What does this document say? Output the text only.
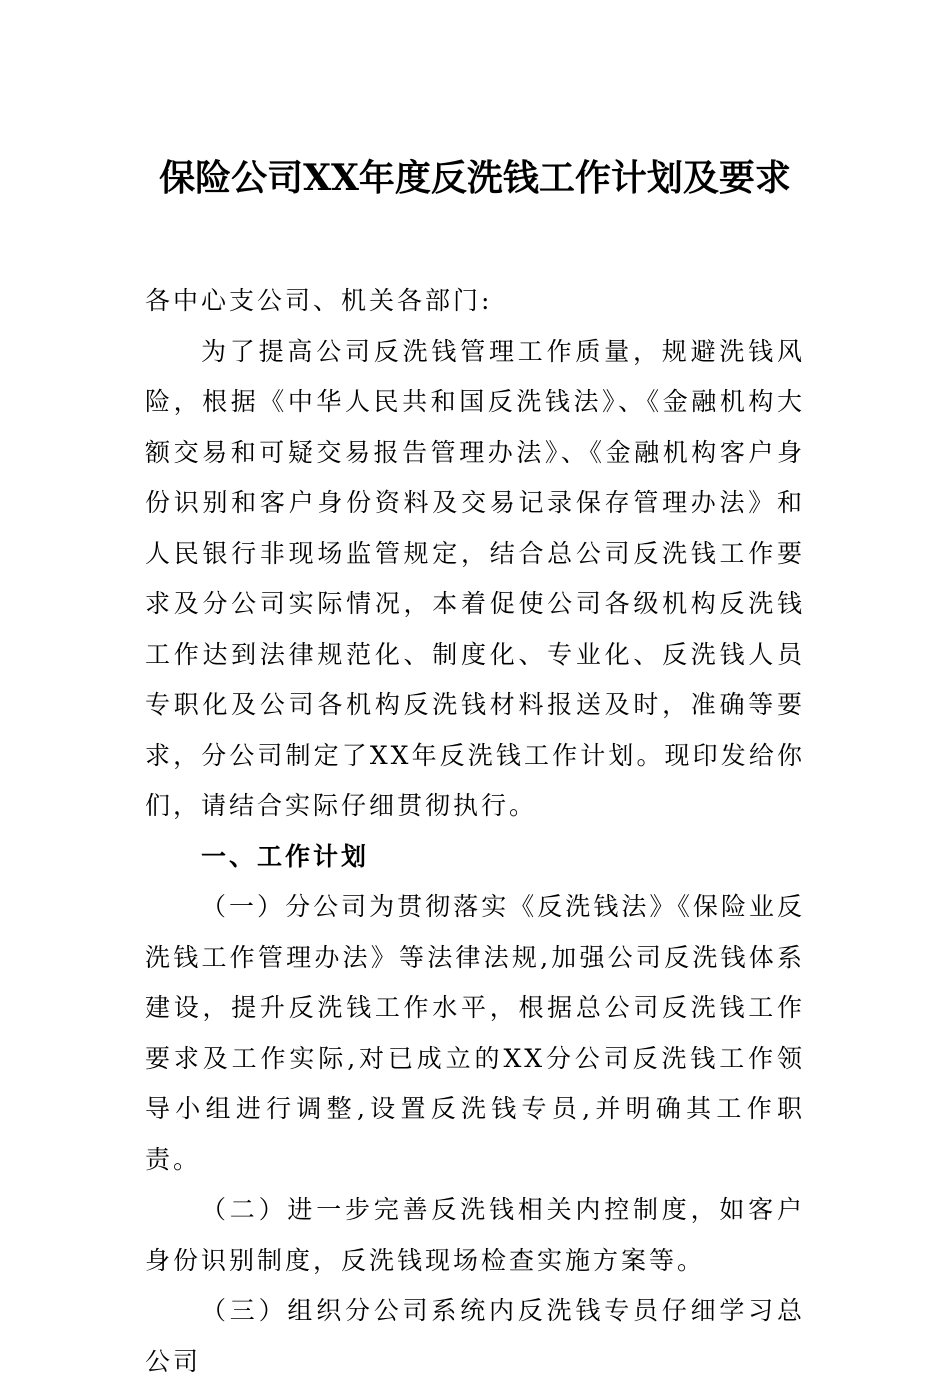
保险公司XX年度反洗钱工作计划及要求

各中心支公司、机关各部门:

为了提高公司反洗钱管理工作质量，规避洗钱风险，根据《中华人民共和国反洗钱法》、《金融机构大额交易和可疑交易报告管理办法》、《金融机构客户身份识别和客户身份资料及交易记录保存管理办法》和人民银行非现场监管规定，结合总公司反洗钱工作要求及分公司实际情况，本着促使公司各级机构反洗钱工作达到法律规范化、制度化、专业化、反洗钱人员专职化及公司各机构反洗钱材料报送及时，准确等要求，分公司制定了XX年反洗钱工作计划。现印发给你们，请结合实际仔细贯彻执行。

一、工作计划

（一）分公司为贯彻落实《反洗钱法》《保险业反洗钱工作管理办法》等法律法规,加强公司反洗钱体系建设，提升反洗钱工作水平，根据总公司反洗钱工作要求及工作实际,对已成立的XX分公司反洗钱工作领导小组进行调整,设置反洗钱专员,并明确其工作职责。

（二）进一步完善反洗钱相关内控制度，如客户身份识别制度，反洗钱现场检查实施方案等。

（三）组织分公司系统内反洗钱专员仔细学习总公司
